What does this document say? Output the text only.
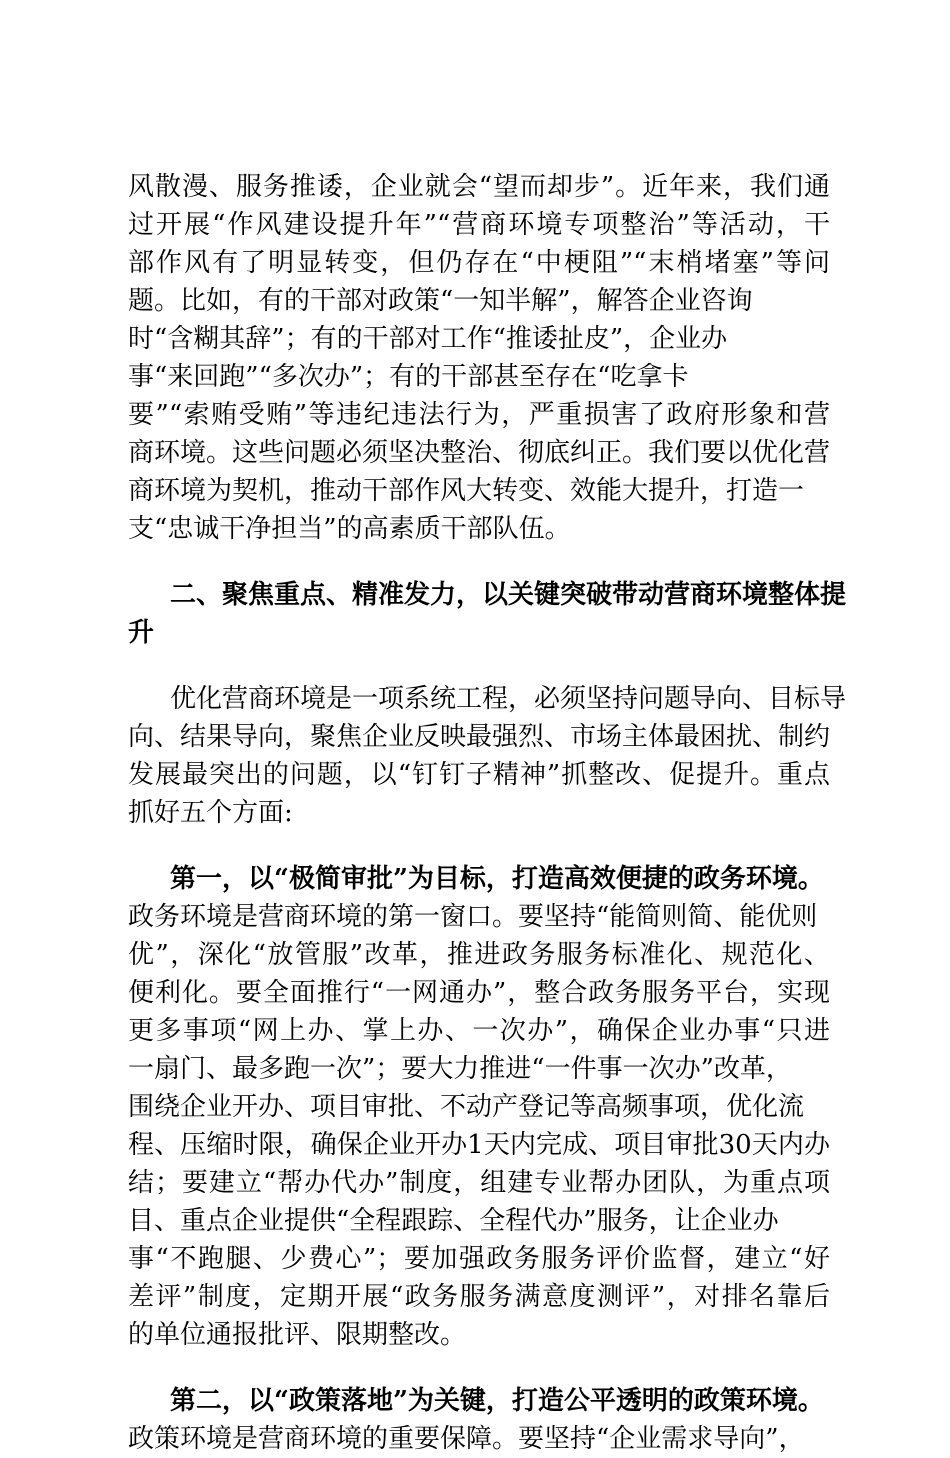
风散漫、服务推诿，企业就会“望而却步”。近年来，我们通
过开展“作风建设提升年”“营商环境专项整治”等活动，干
部作风有了明显转变，但仍存在“中梗阻”“末梢堵塞”等问
题。比如，有的干部对政策“一知半解”，解答企业咨询
时“含糊其辞”；有的干部对工作“推诿扯皮”，企业办
事“来回跑”“多次办”；有的干部甚至存在“吃拿卡
要”“索贿受贿”等违纪违法行为，严重损害了政府形象和营
商环境。这些问题必须坚决整治、彻底纠正。我们要以优化营
商环境为契机，推动干部作风大转变、效能大提升，打造一
支“忠诚干净担当”的高素质干部队伍。
二、聚焦重点、精准发力，以关键突破带动营商环境整体提
升
优化营商环境是一项系统工程，必须坚持问题导向、目标导
向、结果导向，聚焦企业反映最强烈、市场主体最困扰、制约
发展最突出的问题，以“钉钉子精神”抓整改、促提升。重点
抓好五个方面:
第一，以“极简审批”为目标，打造高效便捷的政务环境。
政务环境是营商环境的第一窗口。要坚持“能简则简、能优则
优”，深化“放管服”改革，推进政务服务标准化、规范化、
便利化。要全面推行“一网通办”，整合政务服务平台，实现
更多事项“网上办、掌上办、一次办”，确保企业办事“只进
一扇门、最多跑一次”；要大力推进“一件事一次办”改革，
围绕企业开办、项目审批、不动产登记等高频事项，优化流
程、压缩时限，确保企业开办1天内完成、项目审批30天内办
结；要建立“帮办代办”制度，组建专业帮办团队，为重点项
目、重点企业提供“全程跟踪、全程代办”服务，让企业办
事“不跑腿、少费心”；要加强政务服务评价监督，建立“好
差评”制度，定期开展“政务服务满意度测评”，对排名靠后
的单位通报批评、限期整改。
第二，以“政策落地”为关键，打造公平透明的政策环境。
政策环境是营商环境的重要保障。要坚持“企业需求导向”，
